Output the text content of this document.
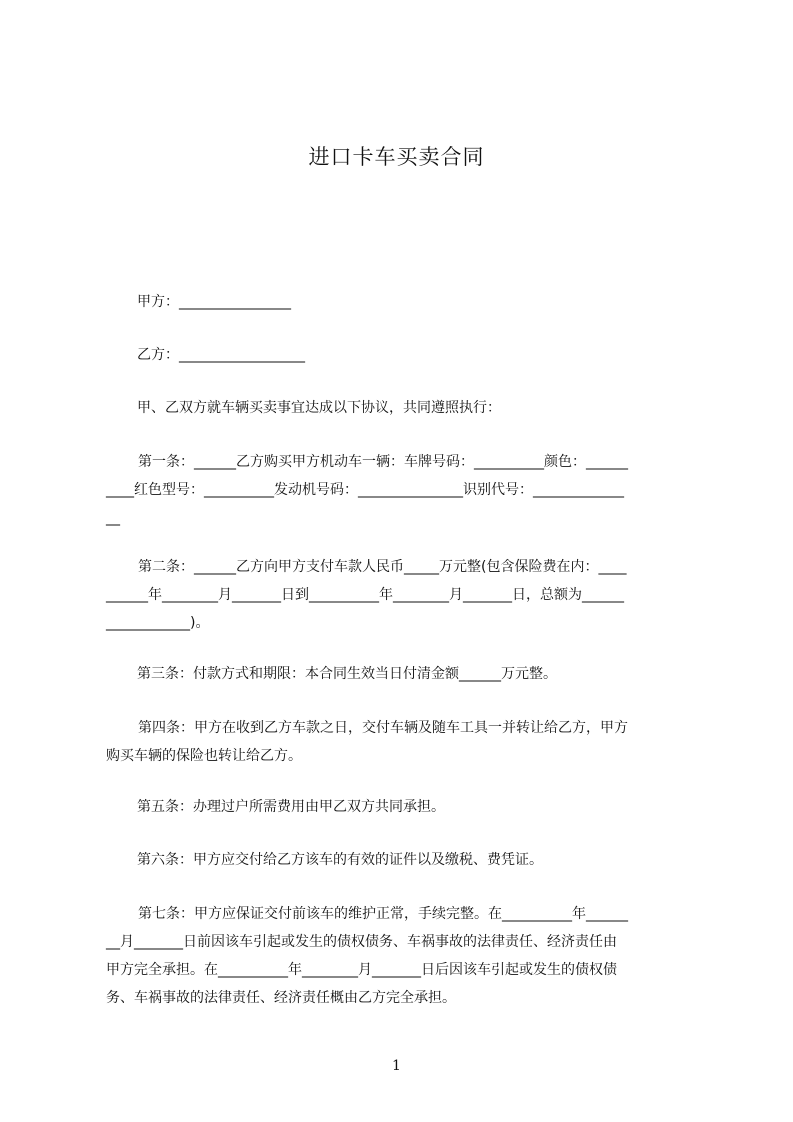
进口卡车买卖合同
甲方：________________
乙方：__________________
甲、乙双方就车辆买卖事宜达成以下协议，共同遵照执行：
第一条：______乙方购买甲方机动车一辆：车牌号码：__________颜色：______
____红色型号：__________发动机号码：_______________识别代号：_____________
__
第二条：______乙方向甲方支付车款人民币_____万元整(包含保险费在内：____
______年________月_______日到__________年________月_______日，总额为______
____________)。
第三条：付款方式和期限：本合同生效当日付清金额______万元整。
第四条：甲方在收到乙方车款之日，交付车辆及随车工具一并转让给乙方，甲方
购买车辆的保险也转让给乙方。
第五条：办理过户所需费用由甲乙双方共同承担。
第六条：甲方应交付给乙方该车的有效的证件以及缴税、费凭证。
第七条：甲方应保证交付前该车的维护正常，手续完整。在__________年______
__月_______日前因该车引起或发生的债权债务、车祸事故的法律责任、经济责任由
甲方完全承担。在__________年________月_______日后因该车引起或发生的债权债
务、车祸事故的法律责任、经济责任概由乙方完全承担。
1
